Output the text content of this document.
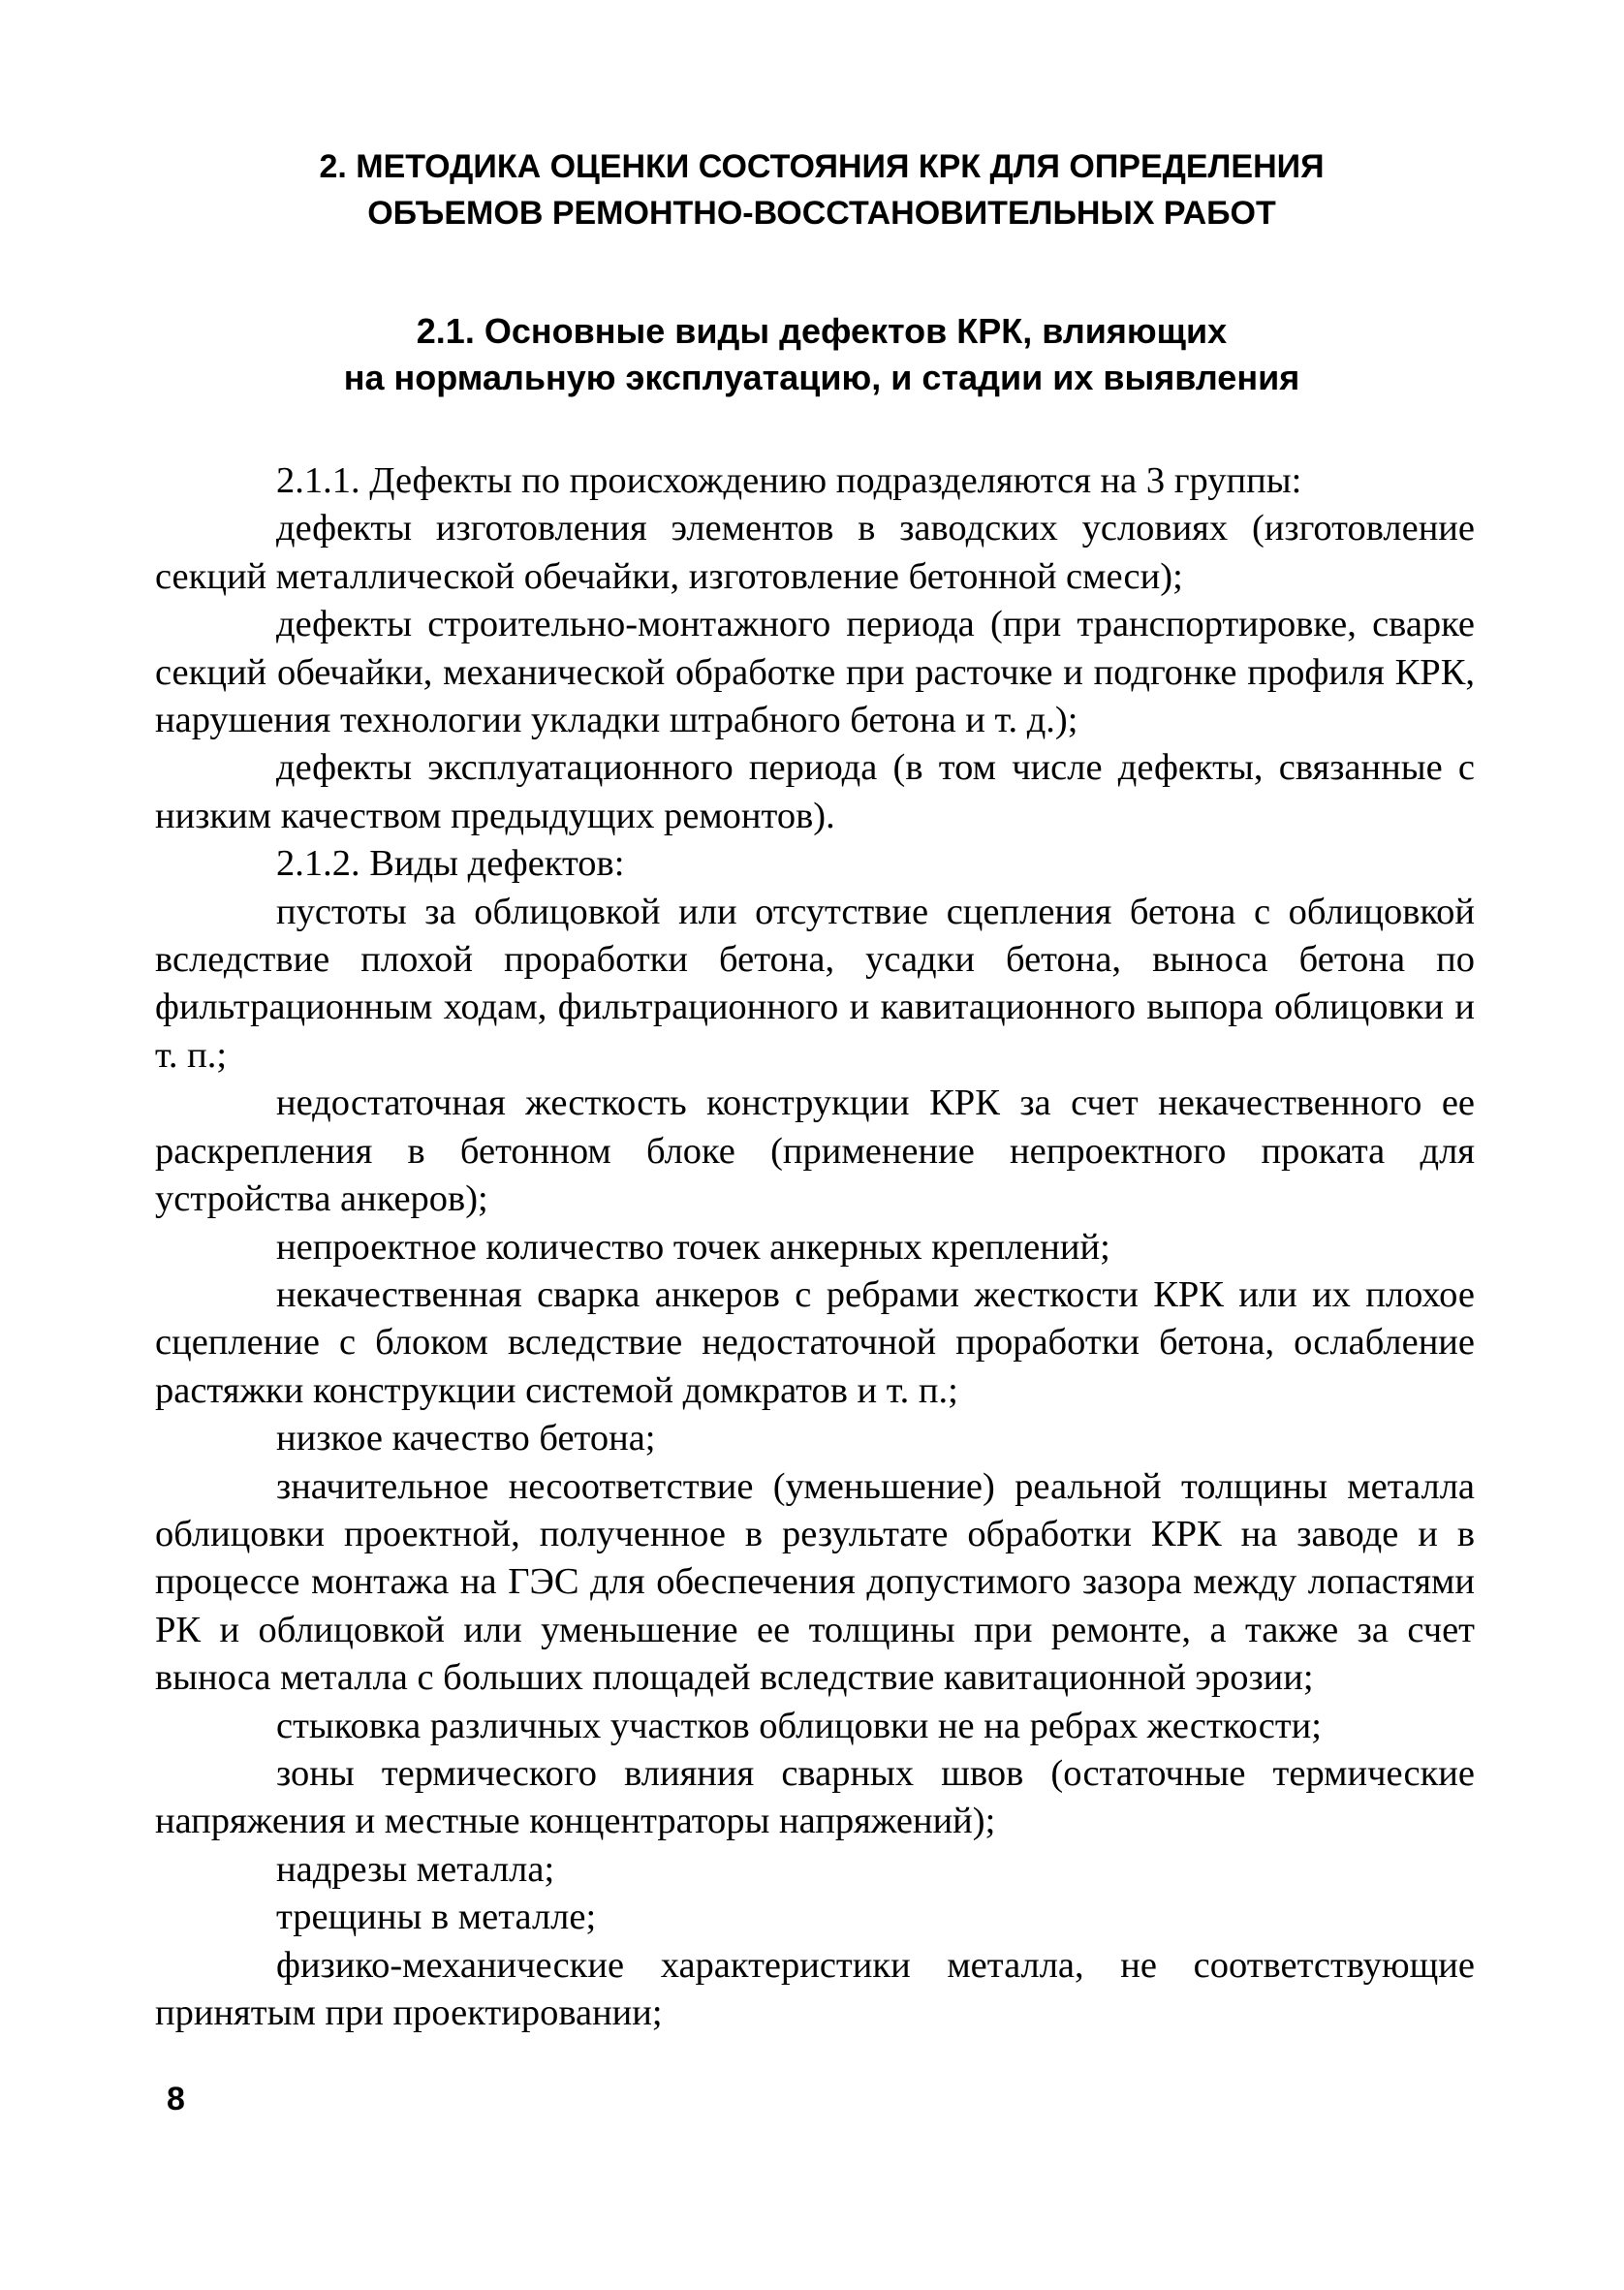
2. МЕТОДИКА ОЦЕНКИ СОСТОЯНИЯ КРК ДЛЯ ОПРЕДЕЛЕНИЯ
ОБЪЕМОВ РЕМОНТНО-ВОССТАНОВИТЕЛЬНЫХ РАБОТ
2.1. Основные виды дефектов КРК, влияющих
на нормальную эксплуатацию, и стадии их выявления

2.1.1. Дефекты по происхождению подразделяются на 3 группы:

дефекты изготовления элементов в заводских условиях (изготовление секций металлической обечайки, изготовление бетонной смеси);

дефекты строительно-монтажного периода (при транспортировке, сварке секций обечайки, механической обработке при расточке и подгонке профиля КРК, нарушения технологии укладки штрабного бетона и т. д.);

дефекты эксплуатационного периода (в том числе дефекты, связанные с низким качеством предыдущих ремонтов).

2.1.2. Виды дефектов:

пустоты за облицовкой или отсутствие сцепления бетона с облицовкой вследствие плохой проработки бетона, усадки бетона, выноса бетона по фильтрационным ходам, фильтрационного и кавитационного выпора облицовки и т. п.;

недостаточная жесткость конструкции КРК за счет некачественного ее раскрепления в бетонном блоке (применение непроектного проката для устройства анкеров);

непроектное количество точек анкерных креплений;

некачественная сварка анкеров с ребрами жесткости КРК или их плохое сцепление с блоком вследствие недостаточной проработки бетона, ослабление растяжки конструкции системой домкратов и т. п.;

низкое качество бетона;

значительное несоответствие (уменьшение) реальной толщины металла облицовки проектной, полученное в результате обработки КРК на заводе и в процессе монтажа на ГЭС для обеспечения допустимого зазора между лопастями РК и облицовкой или уменьшение ее толщины при ремонте, а также за счет выноса металла с больших площадей вследствие кавитационной эрозии;

стыковка различных участков облицовки не на ребрах жесткости;

зоны термического влияния сварных швов (остаточные термические напряжения и местные концентраторы напряжений);

надрезы металла;

трещины в металле;

физико-механические характеристики металла, не соответствующие принятым при проектировании;

8
